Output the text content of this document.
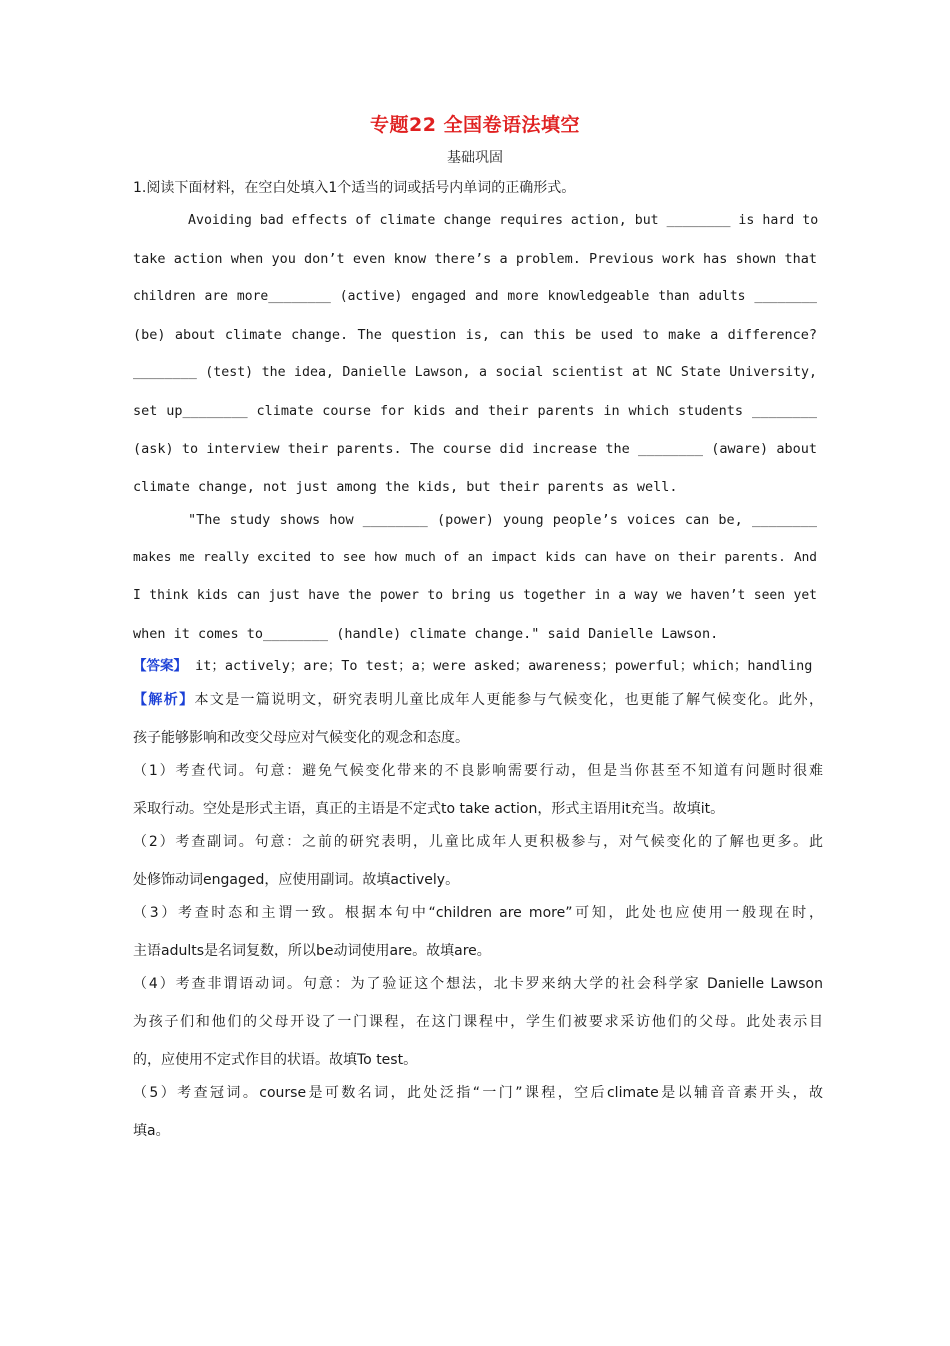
专题22 全国卷语法填空
基础巩固
1.阅读下面材料，在空白处填入1个适当的词或括号内单词的正确形式。
Avoiding bad effects of climate change requires action, but ________ is hard to
take action when you don’t even know there’s a problem. Previous work has shown that
children are more________ (active) engaged and more knowledgeable than adults ________
(be) about climate change. The question is, can this be used to make a difference?
________ (test) the idea, Danielle Lawson, a social scientist at NC State University,
set up________ climate course for kids and their parents in which students ________
(ask) to interview their parents. The course did increase the ________ (aware) about
climate change, not just among the kids, but their parents as well.
"The study shows how ________ (power) young people’s voices can be, ________
makes me really excited to see how much of an impact kids can have on their parents. And
I think kids can just have the power to bring us together in a way we haven’t seen yet
when it comes to________ (handle) climate change." said Danielle Lawson.
【答案】 it；actively；are；To test；a；were asked；awareness；powerful；which；handling
【解析】本文是一篇说明文，研究表明儿童比成年人更能参与气候变化，也更能了解气候变化。此外，
孩子能够影响和改变父母应对气候变化的观念和态度。
（1）考查代词。句意：避免气候变化带来的不良影响需要行动，但是当你甚至不知道有问题时很难
采取行动。空处是形式主语，真正的主语是不定式to take action，形式主语用it充当。故填it。
（2）考查副词。句意：之前的研究表明，儿童比成年人更积极参与，对气候变化的了解也更多。此
处修饰动词engaged，应使用副词。故填actively。
（3）考查时态和主谓一致。根据本句中“children are more”可知，此处也应使用一般现在时，
主语adults是名词复数，所以be动词使用are。故填are。
（4）考查非谓语动词。句意：为了验证这个想法，北卡罗来纳大学的社会科学家 Danielle Lawson
为孩子们和他们的父母开设了一门课程，在这门课程中，学生们被要求采访他们的父母。此处表示目
的，应使用不定式作目的状语。故填To test。
（5）考查冠词。course是可数名词，此处泛指“一门”课程，空后climate是以辅音音素开头，故
填a。
